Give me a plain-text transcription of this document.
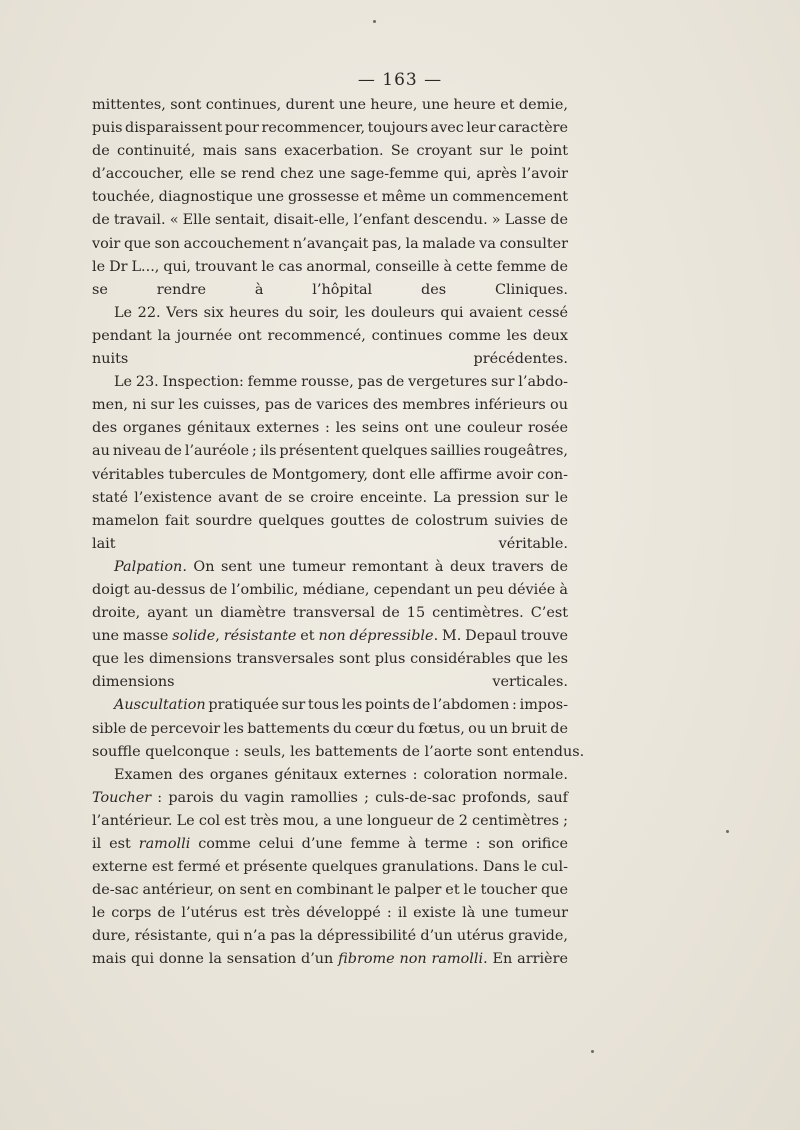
— 163 —

mittentes, sont continues, durent une heure, une heure et demie,
puis disparaissent pour recommencer, toujours avec leur caractère
de continuité, mais sans exacerbation. Se croyant sur le point
d’accoucher, elle se rend chez une sage-femme qui, après l’avoir
touchée, diagnostique une grossesse et même un commencement
de travail. « Elle sentait, disait-elle, l’enfant descendu. » Lasse de
voir que son accouchement n’avançait pas, la malade va consulter
le Dr L..., qui, trouvant le cas anormal, conseille à cette femme de
se rendre à l’hôpital des Cliniques.

Le 22. Vers six heures du soir, les douleurs qui avaient cessé
pendant la journée ont recommencé, continues comme les deux
nuits précédentes.

Le 23. Inspection: femme rousse, pas de vergetures sur l’abdo-
men, ni sur les cuisses, pas de varices des membres inférieurs ou
des organes génitaux externes : les seins ont une couleur rosée
au niveau de l’auréole ; ils présentent quelques saillies rougeâtres,
véritables tubercules de Montgomery, dont elle affirme avoir con-
staté l’existence avant de se croire enceinte. La pression sur le
mamelon fait sourdre quelques gouttes de colostrum suivies de
lait véritable.

Palpation. On sent une tumeur remontant à deux travers de
doigt au-dessus de l’ombilic, médiane, cependant un peu déviée à
droite, ayant un diamètre transversal de 15 centimètres. C’est
une masse solide, résistante et non dépressible. M. Depaul trouve
que les dimensions transversales sont plus considérables que les
dimensions verticales.

Auscultation pratiquée sur tous les points de l’abdomen : impos-
sible de percevoir les battements du cœur du fœtus, ou un bruit de
souffle quelconque : seuls, les battements de l’aorte sont entendus.

Examen des organes génitaux externes : coloration normale.
Toucher : parois du vagin ramollies ; culs-de-sac profonds, sauf
l’antérieur. Le col est très mou, a une longueur de 2 centimètres ;
il est ramolli comme celui d’une femme à terme : son orifice
externe est fermé et présente quelques granulations. Dans le cul-
de-sac antérieur, on sent en combinant le palper et le toucher que
le corps de l’utérus est très développé : il existe là une tumeur
dure, résistante, qui n’a pas la dépressibilité d’un utérus gravide,
mais qui donne la sensation d’un fibrome non ramolli. En arrière
